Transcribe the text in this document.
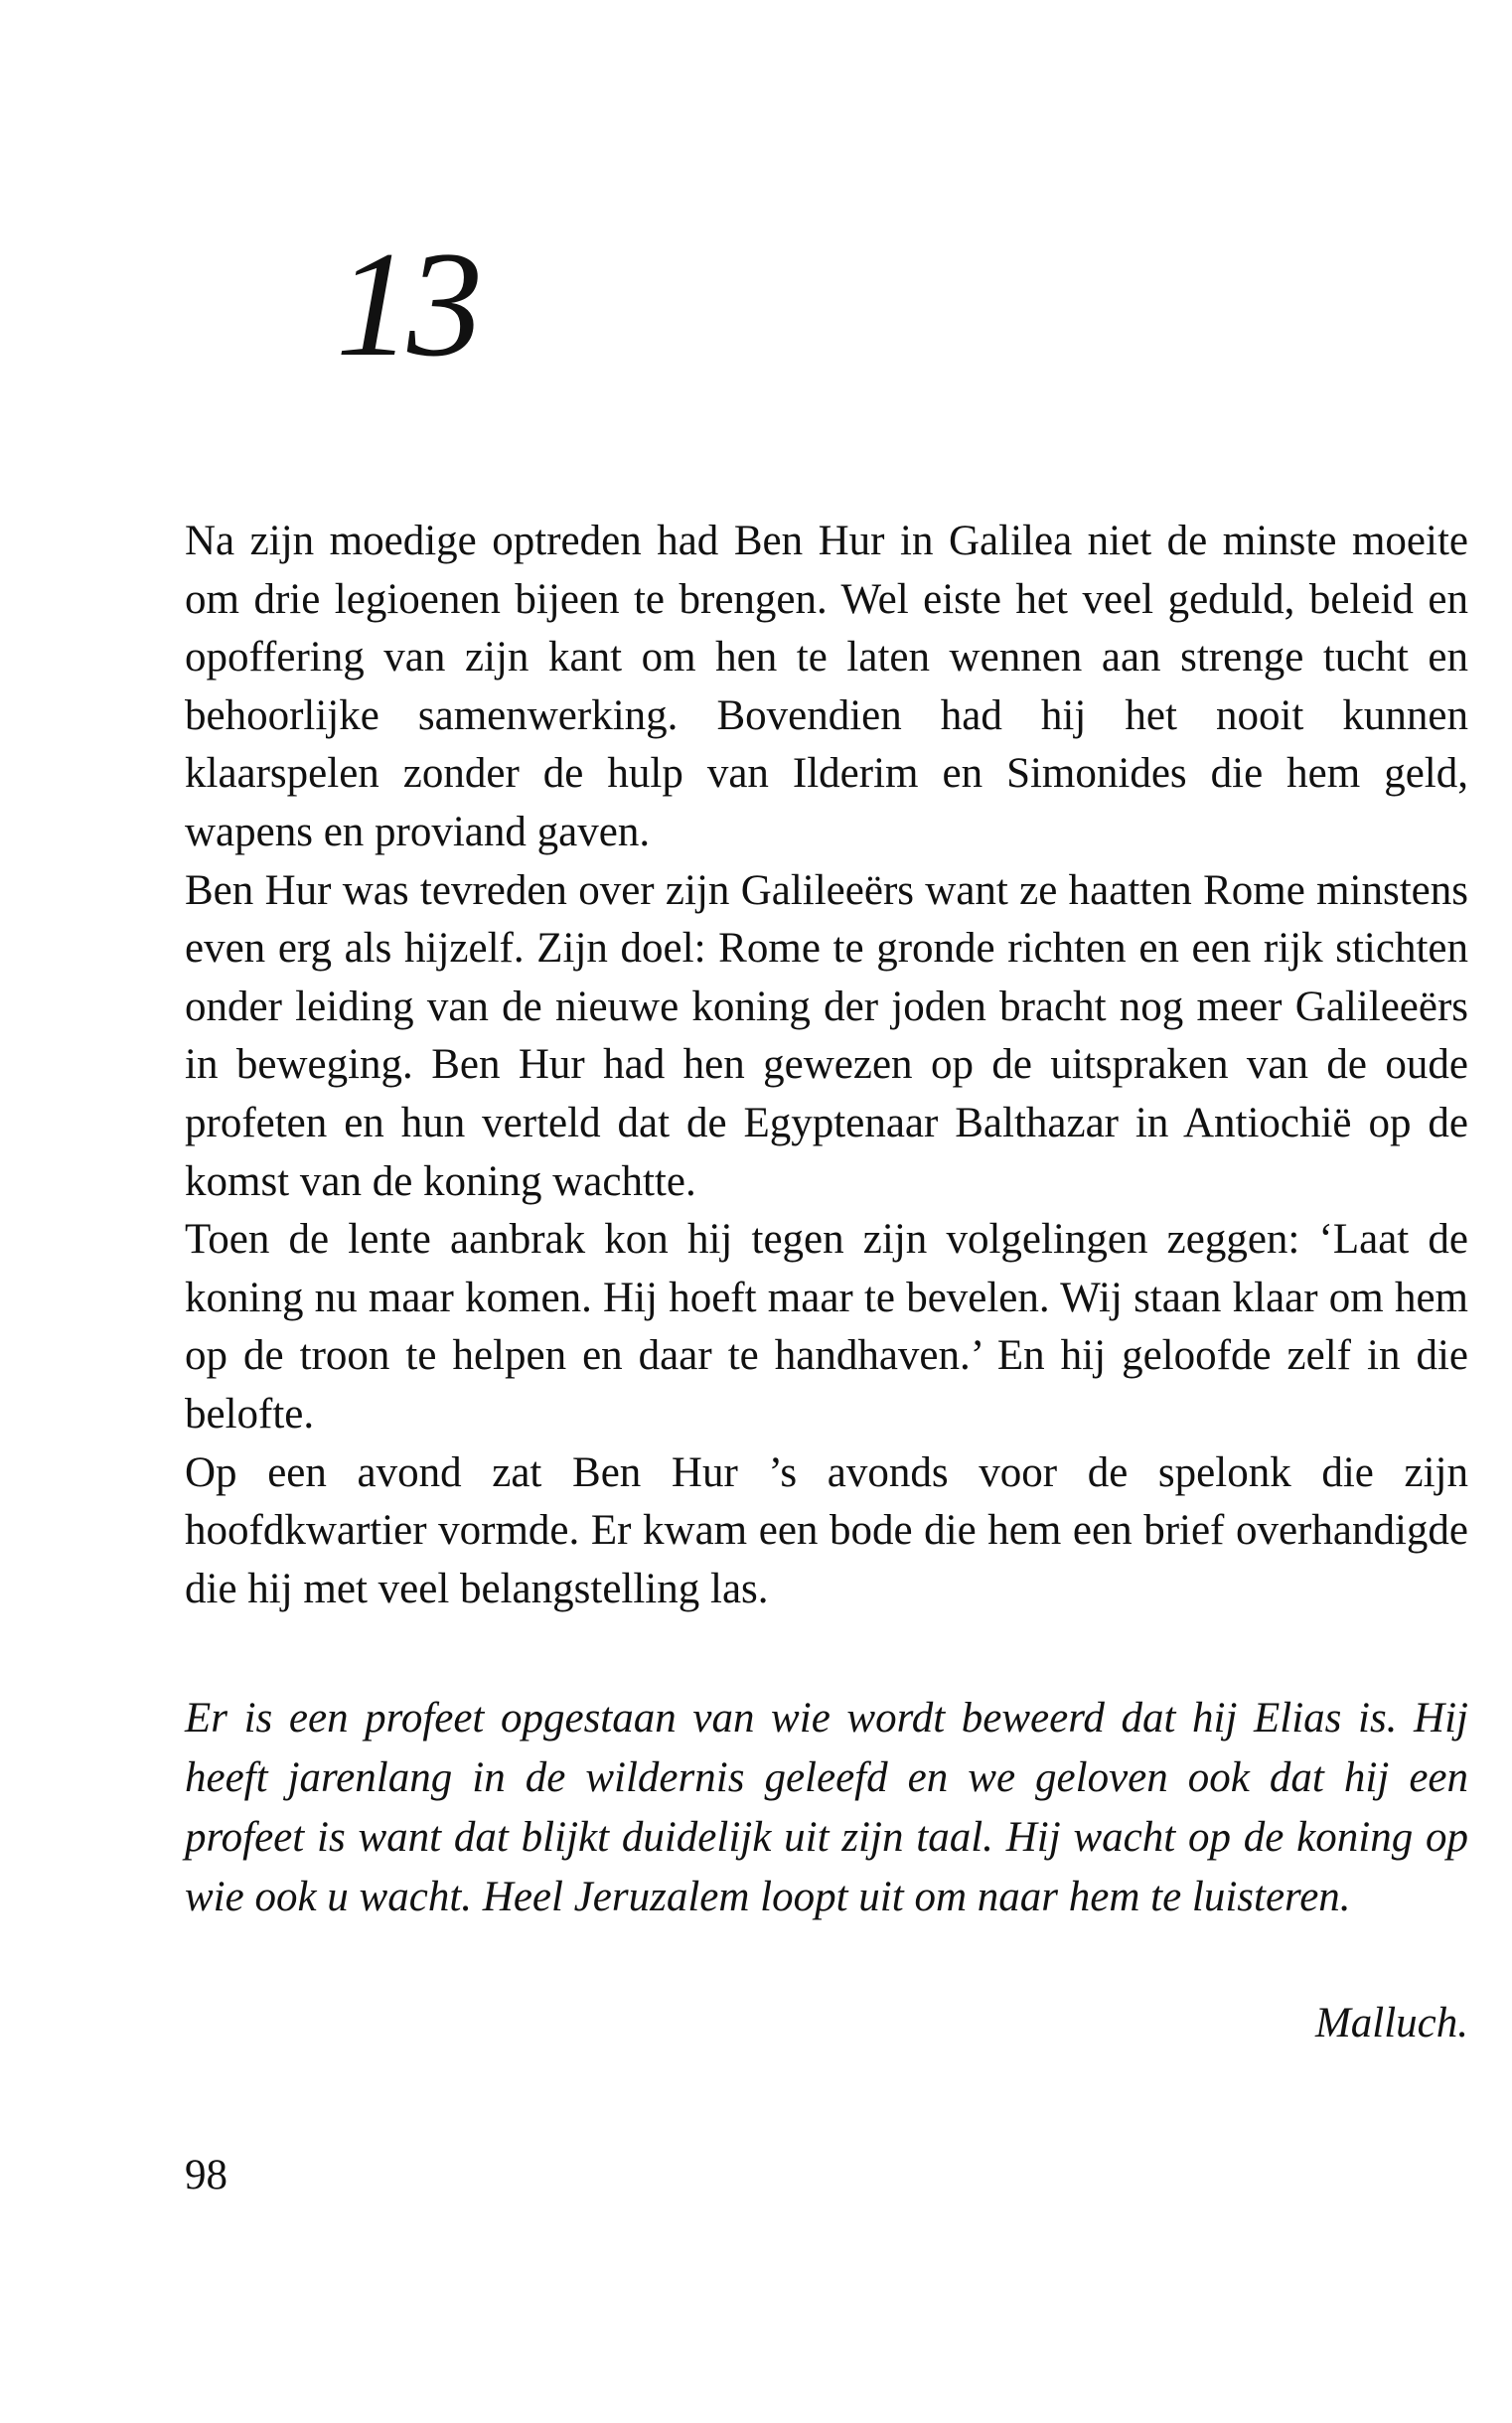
13

Na zijn moedige optreden had Ben Hur in Galilea niet de minste moeite om drie legioenen bijeen te brengen. Wel eiste het veel geduld, beleid en opoffering van zijn kant om hen te laten wennen aan strenge tucht en behoorlijke samenwerking. Bovendien had hij het nooit kunnen klaarspelen zonder de hulp van Ilderim en Simonides die hem geld, wapens en proviand gaven.

Ben Hur was tevreden over zijn Galileeërs want ze haatten Rome minstens even erg als hijzelf. Zijn doel: Rome te gronde richten en een rijk stichten onder leiding van de nieuwe koning der joden bracht nog meer Galileeërs in beweging. Ben Hur had hen gewezen op de uitspraken van de oude profeten en hun verteld dat de Egyptenaar Balthazar in Antiochië op de komst van de koning wachtte.

Toen de lente aanbrak kon hij tegen zijn volgelingen zeggen: ‘Laat de koning nu maar komen. Hij hoeft maar te bevelen. Wij staan klaar om hem op de troon te helpen en daar te handhaven.’ En hij geloofde zelf in die belofte.

Op een avond zat Ben Hur ’s avonds voor de spelonk die zijn hoofdkwartier vormde. Er kwam een bode die hem een brief overhandigde die hij met veel belangstelling las.

Er is een profeet opgestaan van wie wordt beweerd dat hij Elias is. Hij heeft jarenlang in de wildernis geleefd en we geloven ook dat hij een profeet is want dat blijkt duidelijk uit zijn taal. Hij wacht op de koning op wie ook u wacht. Heel Jeruzalem loopt uit om naar hem te luisteren.

Malluch.
98
